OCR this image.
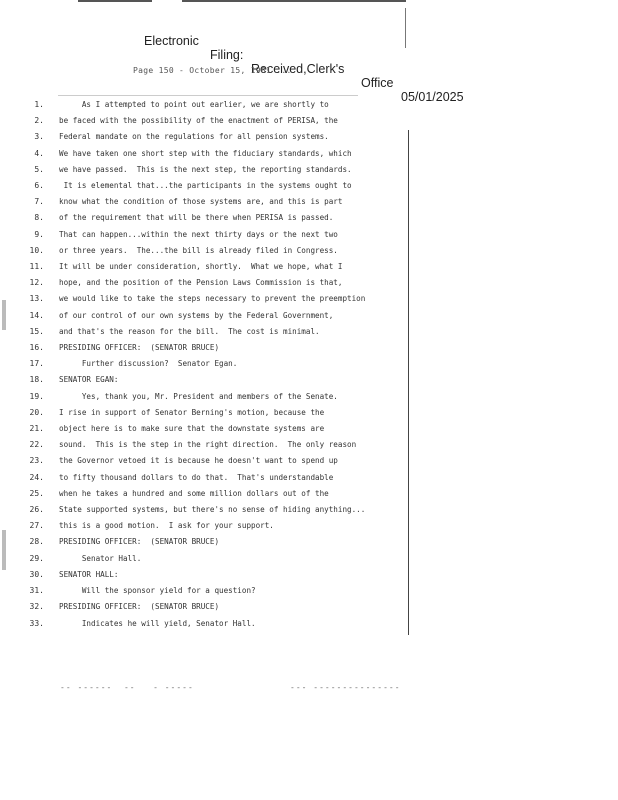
Electronic

Filing:

Received,Clerk's

Office

05/01/2025

Page 150 - October 15, 1981 ...
1.
2.
3.
4.
5.
6.
7.
8.
9.
10.
11.
12.
13.
14.
15.
16.
17.
18.
19.
20.
21.
22.
23.
24.
25.
26.
27.
28.
29.
30.
31.
32.
33.
As I attempted to point out earlier, we are shortly to
be faced with the possibility of the enactment of PERISA, the
Federal mandate on the regulations for all pension systems.
We have taken one short step with the fiduciary standards, which
we have passed.  This is the next step, the reporting standards.
It is elemental that...the participants in the systems ought to
know what the condition of those systems are, and this is part
of the requirement that will be there when PERISA is passed.
That can happen...within the next thirty days or the next two
or three years.  The...the bill is already filed in Congress.
It will be under consideration, shortly.  What we hope, what I
hope, and the position of the Pension Laws Commission is that,
we would like to take the steps necessary to prevent the preemption
of our control of our own systems by the Federal Government,
and that's the reason for the bill.  The cost is minimal.
PRESIDING OFFICER:  (SENATOR BRUCE)
Further discussion?  Senator Egan.
SENATOR EGAN:
Yes, thank you, Mr. President and members of the Senate.
I rise in support of Senator Berning's motion, because the
object here is to make sure that the downstate systems are
sound.  This is the step in the right direction.  The only reason
the Governor vetoed it is because he doesn't want to spend up
to fifty thousand dollars to do that.  That's understandable
when he takes a hundred and some million dollars out of the
State supported systems, but there's no sense of hiding anything...
this is a good motion.  I ask for your support.
PRESIDING OFFICER:  (SENATOR BRUCE)
Senator Hall.
SENATOR HALL:
Will the sponsor yield for a question?
PRESIDING OFFICER:  (SENATOR BRUCE)
Indicates he will yield, Senator Hall.
-- ------  --   - -----	--- ---------------
